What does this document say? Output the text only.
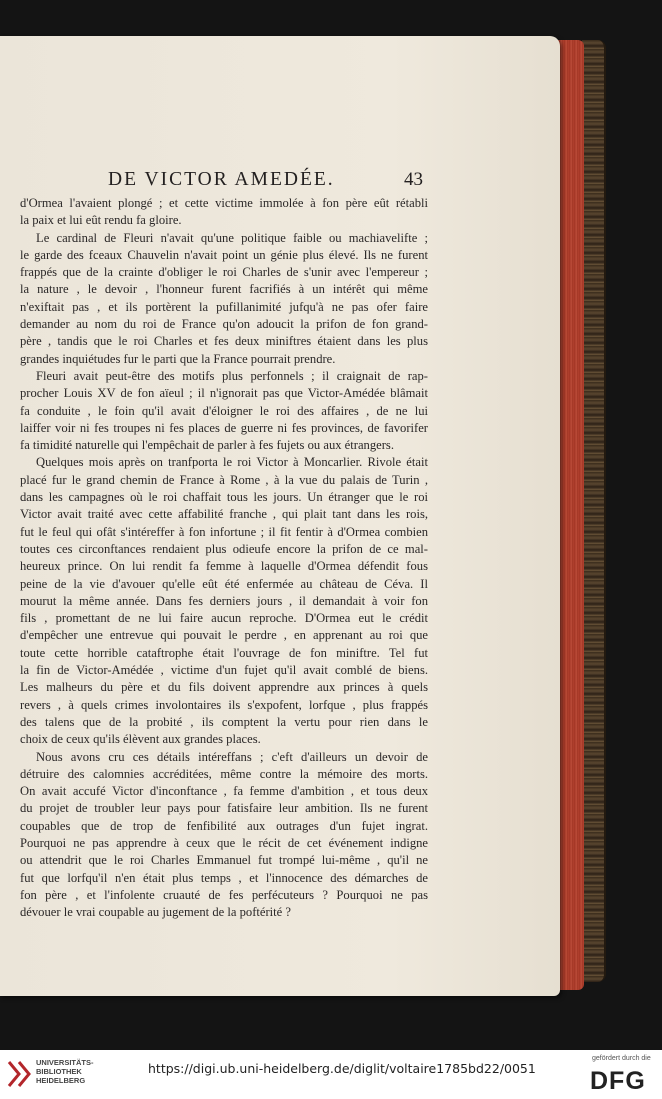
DE VICTOR AMEDÉE.	43
d'Ormea l'avaient plongé ; et cette victime immolée à fon père eût rétabli
la paix et lui eût rendu fa gloire.
Le cardinal de Fleuri n'avait qu'une politique faible ou machiavelifte ;
le garde des fceaux Chauvelin n'avait point un génie plus élevé. Ils ne furent
frappés que de la crainte d'obliger le roi Charles de s'unir avec l'empereur ;
la nature , le devoir , l'honneur furent facrifiés à un intérêt qui même
n'exiftait pas , et ils portèrent la pufillanimité jufqu'à ne pas ofer faire
demander au nom du roi de France qu'on adoucit la prifon de fon grand-
père , tandis que le roi Charles et fes deux miniftres étaient dans les plus
grandes inquiétudes fur le parti que la France pourrait prendre.
Fleuri avait peut-être des motifs plus perfonnels ; il craignait de rap-
procher Louis XV de fon aïeul ; il n'ignorait pas que Victor-Amédée blâmait
fa conduite , le foin qu'il avait d'éloigner le roi des affaires , de ne lui
laiffer voir ni fes troupes ni fes places de guerre ni fes provinces, de favorifer
fa timidité naturelle qui l'empêchait de parler à fes fujets ou aux étrangers.
Quelques mois après on tranfporta le roi Victor à Moncarlier. Rivole était
placé fur le grand chemin de France à Rome , à la vue du palais de Turin ,
dans les campagnes où le roi chaffait tous les jours. Un étranger que le roi
Victor avait traité avec cette affabilité franche , qui plait tant dans les rois,
fut le feul qui ofât s'intéreffer à fon infortune ; il fit fentir à d'Ormea combien
toutes ces circonftances rendaient plus odieufe encore la prifon de ce mal-
heureux prince. On lui rendit fa femme à laquelle d'Ormea défendit fous
peine de la vie d'avouer qu'elle eût été enfermée au château de Céva. Il
mourut la même année. Dans fes derniers jours , il demandait à voir fon
fils , promettant de ne lui faire aucun reproche. D'Ormea eut le crédit
d'empêcher une entrevue qui pouvait le perdre , en apprenant au roi que
toute cette horrible cataftrophe était l'ouvrage de fon miniftre. Tel fut
la fin de Victor-Amédée , victime d'un fujet qu'il avait comblé de biens.
Les malheurs du père et du fils doivent apprendre aux princes à quels
revers , à quels crimes involontaires ils s'expofent, lorfque , plus frappés
des talens que de la probité , ils comptent la vertu pour rien dans le
choix de ceux qu'ils élèvent aux grandes places.
Nous avons cru ces détails intéreffans ; c'eft d'ailleurs un devoir de
détruire des calomnies accréditées, même contre la mémoire des morts.
On avait accufé Victor d'inconftance , fa femme d'ambition , et tous deux
du projet de troubler leur pays pour fatisfaire leur ambition. Ils ne furent
coupables que de trop de fenfibilité aux outrages d'un fujet ingrat.
Pourquoi ne pas apprendre à ceux que le récit de cet événement indigne
ou attendrit que le roi Charles Emmanuel fut trompé lui-même , qu'il ne
fut que lorfqu'il n'en était plus temps , et l'innocence des démarches de
fon père , et l'infolente cruauté de fes perfécuteurs ? Pourquoi ne pas
dévouer le vrai coupable au jugement de la poftérité ?
UNIVERSITÄTS-
BIBLIOTHEK
HEIDELBERG
https://digi.ub.uni-heidelberg.de/diglit/voltaire1785bd22/0051
gefördert durch die
DFG
